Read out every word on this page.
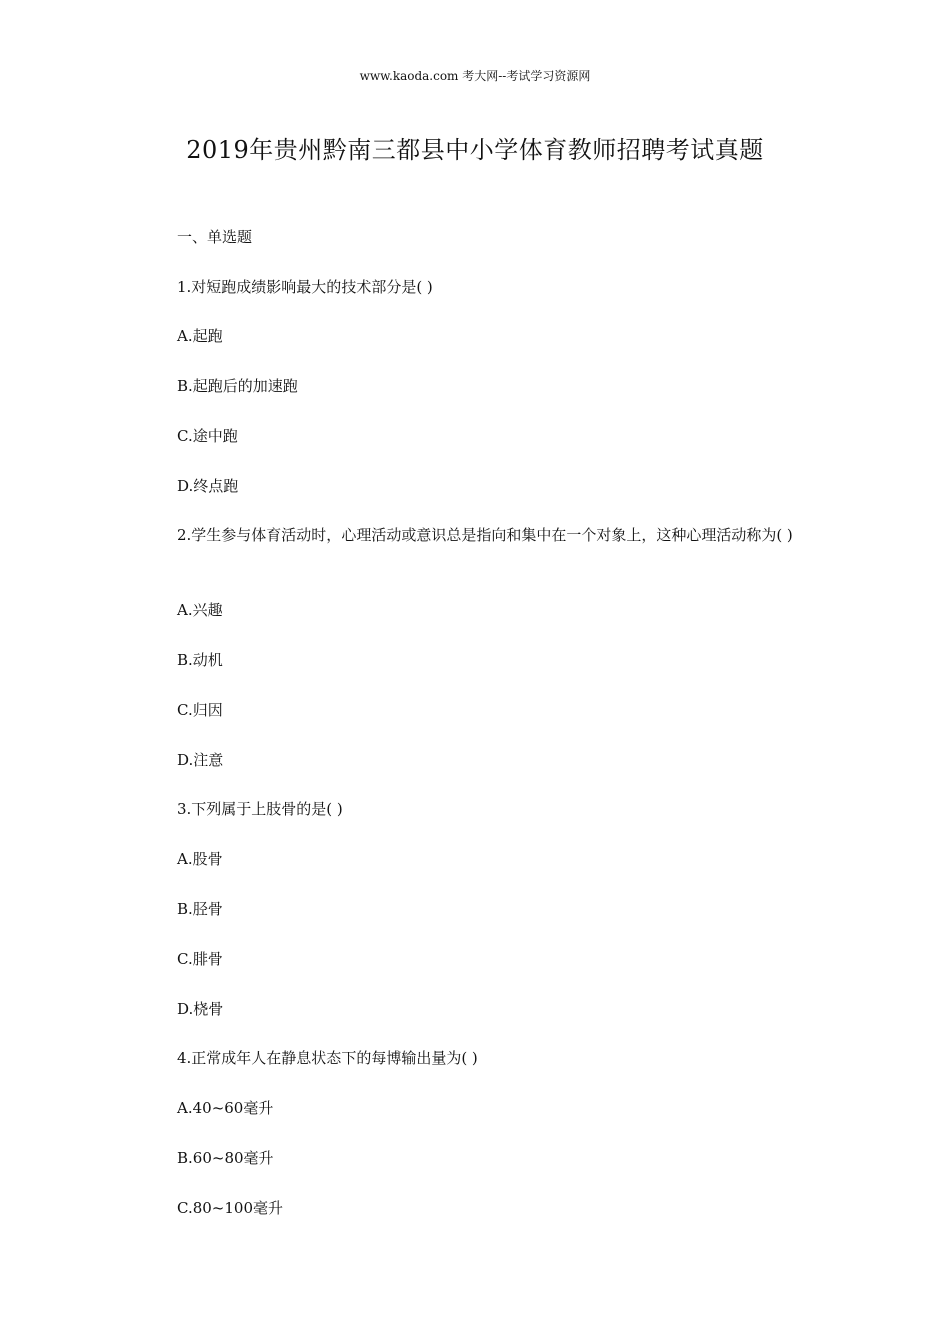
www.kaoda.com 考大网--考试学习资源网
2019年贵州黔南三都县中小学体育教师招聘考试真题
一、单选题
1.对短跑成绩影响最大的技术部分是( )
A.起跑
B.起跑后的加速跑
C.途中跑
D.终点跑
2.学生参与体育活动时，心理活动或意识总是指向和集中在一个对象上，这种心理活动称为( )
A.兴趣
B.动机
C.归因
D.注意
3.下列属于上肢骨的是( )
A.股骨
B.胫骨
C.腓骨
D.桡骨
4.正常成年人在静息状态下的每博输出量为( )
A.40~60毫升
B.60~80毫升
C.80~100毫升
